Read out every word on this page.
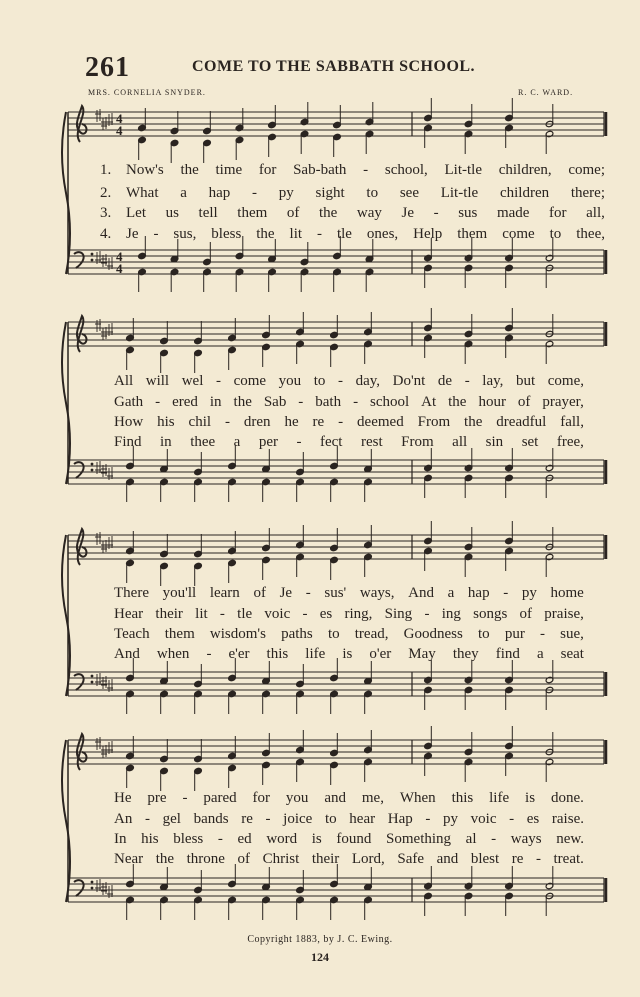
261	COME TO THE SABBATH SCHOOL.
MRS. CORNELIA SNYDER.	R. C. WARD.
4
4
4
4
1. Now's the time for Sab-bath - school, Lit-tle children, come;
2. What a hap - py sight to see Lit-tle children there;
3. Let us tell them of the way Je - sus made for all,
4. Je - sus, bless the lit - tle ones, Help them come to thee,
All will wel - come you to - day, Do'nt de - lay, but come,
Gath - ered in the Sab - bath - school At the hour of prayer,
How his chil - dren he re - deemed From the dreadful fall,
Find in thee a per - fect rest From all sin set free,
There you'll learn of Je - sus' ways, And a hap - py home
Hear their lit - tle voic - es ring, Sing - ing songs of praise,
Teach them wisdom's paths to tread, Goodness to pur - sue,
And when - e'er this life is o'er May they find a seat
He pre - pared for you and me, When this life is done.
An - gel bands re - joice to hear Hap - py voic - es raise.
In his bless - ed word is found Something al - ways new.
Near the throne of Christ their Lord, Safe and blest re - treat.
Copyright 1883, by J. C. Ewing.
124
